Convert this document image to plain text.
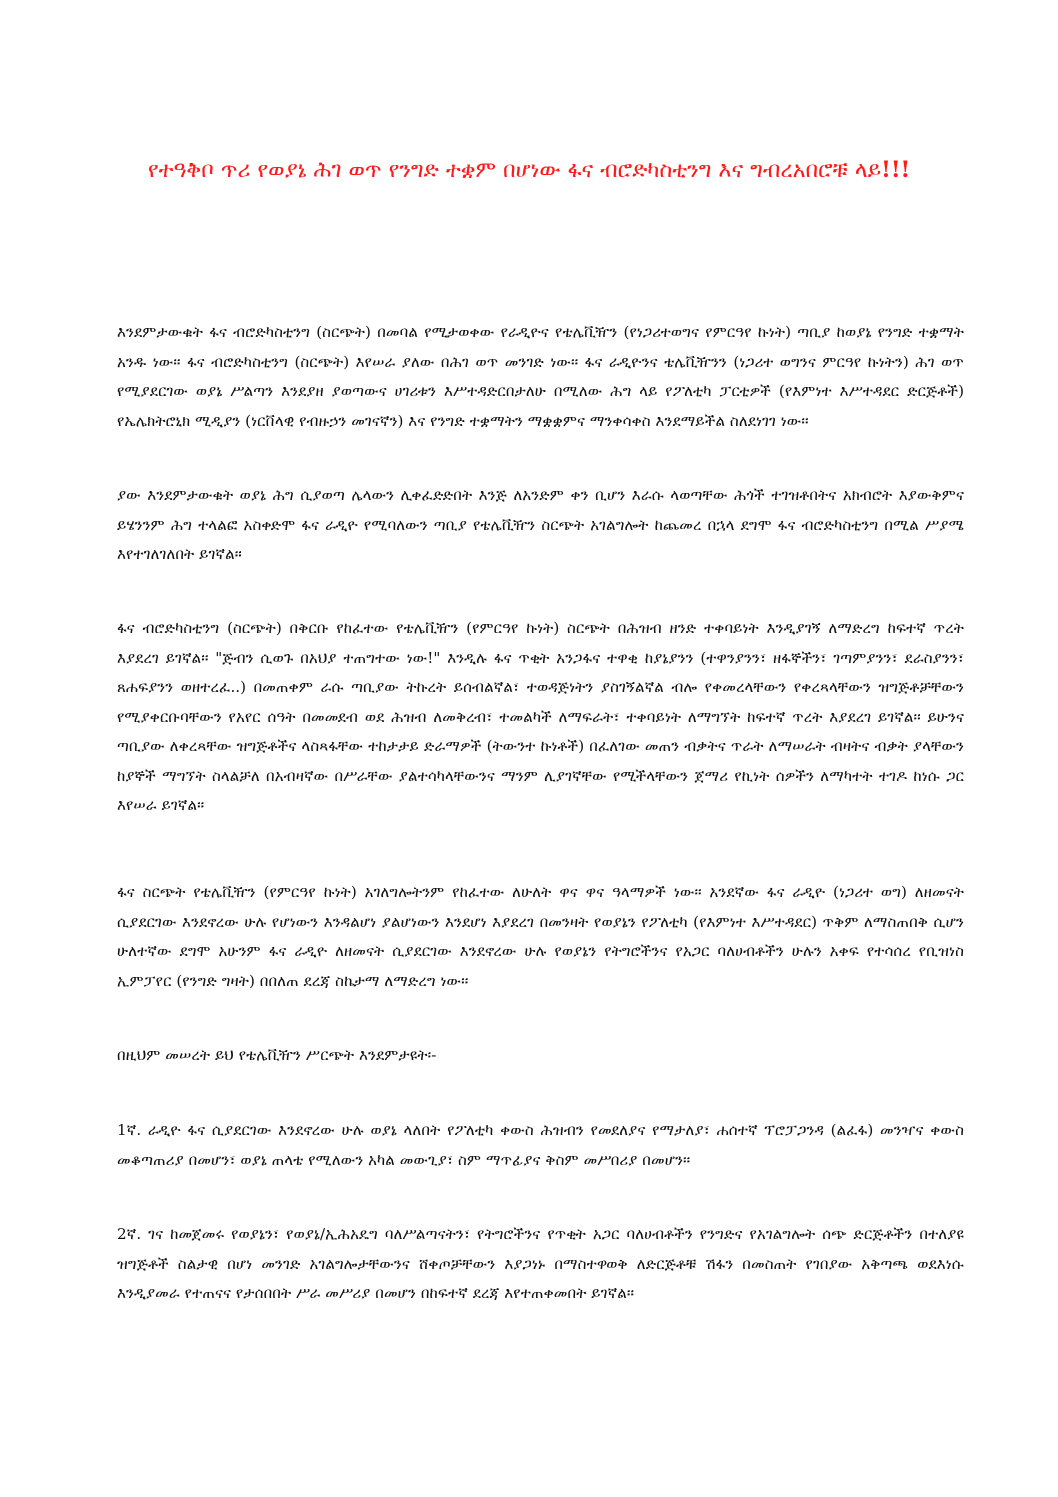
የተዓቅቦ ጥሪ የወያኔ ሕገ ወጥ የንግድ ተቋም በሆነው ፋና ብሮድካስቲንግ እና ግብረአበሮቹ ላይ!!!

እንደምታውቁት ፋና ብሮድካስቲንግ (ስርጭት) በመባል የሚታወቀው የራዲዮና የቴሌቪዥን (የነጋሪተወግና የምርዓየ ኩነት) ጣቢያ ከወያኔ የንግድ ተቋማት አንዱ ነው፡፡ ፋና ብሮድካስቲንግ (ስርጭት) እየሠራ ያለው በሕገ ወጥ መንገድ ነው፡፡ ፋና ራዲዮንና ቴሌቪዥንን (ነጋሪተ ወግንና ምርዓየ ኩነትን) ሕገ ወጥ የሚያደርገው ወያኔ ሥልጣን እንደያዘ ያወጣውና ሀገሪቱን እሥተዳድርበታለሁ በሚለው ሕግ ላይ የፖለቲካ ፓርቲዎች (የእምነተ እሥተዳደር ድርጅቶች) የኤሌክትሮኒክ ሚዲያን (ነርቨላዊ የብዙኃን መገናኛን) እና የንግድ ተቋማትን ማቋቋምና ማንቀሳቀስ እንደማይችል ስለደነገገ ነው፡፡

ያው እንደምታውቁት ወያኔ ሕግ ሲያወጣ ሌላውን ሊቀፈድድበት እንጅ ለአንድም ቀን ቢሆን እራሱ ላወጣቸው ሕጎች ተገዝቶበትና አክብሮት እያውቅምና ይሄንንም ሕግ ተላልፎ አስቀድሞ ፋና ራዲዮ የሚባለውን ጣቢያ የቴሌቪዥን ስርጭት አገልግሎት ከጨመረ በኋላ ደግሞ ፋና ብሮድካስቲንግ በሚል ሥያሜ እየተገለገለበት ይገኛል፡፡

ፋና ብሮድካስቲንግ (ስርጭት) በቅርቡ የከፈተው የቴሌቪዥን (የምርዓየ ኩነት) ስርጭት በሕዝብ ዘንድ ተቀባይነት እንዲያገኝ ለማድረግ ከፍተኛ ጥረት እያደረገ ይገኛል፡፡ "ጅብን ሲወጉ በአህያ ተጠግተው ነው!" እንዲሉ ፋና ጥቂት አንጋፋና ተዋቂ ከያኔያንን (ተዋንያንን፣ ዘፋኞችን፣ ገጣምያንን፣ ደራስያንን፣ ጸሐፍያንን ወዘተረፈ..) በመጠቀም ራሱ ጣቢያው ትኩረት ይሰብልኛል፣ ተወዳጅነትን ያስገኝልኛል ብሎ የቀመረላቸውን የቀረጻላቸውን ዝግጅቶቻቸውን የሚያቀርቡባቸውን የአየር ሰዓት በመመደብ ወደ ሕዝብ ለመቅረብ፣ ተመልካች ለማፍራት፣ ተቀባይነት ለማግኘት ከፍተኛ ጥረት እያደረገ ይገኛል፡፡ ይሁንና ጣቢያው ለቀረጻቸው ዝግጅቶችና ላስጻፋቸው ተከታታይ ድራማዎች (ትውንተ ኩነቶች) በፈለገው መጠን ብቃትና ጥራት ለማሠራት ብዛትና ብቃት ያላቸውን ከያኞች ማግኘት ስላልቻለ በአብዛኛው በሥራቸው ያልተሳካላቸውንና ማንም ሊያገኛቸው የሚችላቸውን ጀማሪ የኪነት ሰዎችን ለማካተት ተገዶ ከነሱ ጋር እየሠራ ይገኛል፡፡

ፋና ስርጭት የቴሌቪዥን (የምርዓየ ኩነት) አገለግሎትንም የከፈተው ለሁለት ዋና ዋና ዓላማዎች ነው፡፡ አንደኛው ፋና ራዲዮ (ነጋሪተ ወግ) ለዘመናት ሲያደርገው እንደኖረው ሁሉ የሆነውን እንዳልሆነ ያልሆነውን እንደሆነ እያደረገ በመንዛት የወያኔን የፖለቲካ (የእምነተ እሥተዳደር) ጥቅም ለማስጠበቅ ሲሆን ሁለተኛው ደግሞ አሁንም ፋና ራዲዮ ለዘመናት ሲያደርገው እንደኖረው ሁሉ የወያኔን የትግሮችንና የአጋር ባለሀብቶችን ሁሉን አቀፍ የተሳሰረ የቢዝነስ ኢምፓየር (የንግድ ግዛት) በበለጠ ደረጃ ስኬታማ ለማድረግ ነው፡፡

በዚህም መሠረት ይህ የቴሌቪዥን ሥርጭት እንደምታዩት፡-

1ኛ. ራዲዮ ፋና ሲያደርገው እንደኖረው ሁሉ ወያኔ ላለበት የፖለቲካ ቀውስ ሕዝብን የመደለያና የማታለያ፣ ሐሰተኛ ፕሮፓጋንዳ (ልፈፋ) መንዣና ቀውስ መቆጣጠሪያ በመሆን፣ ወያኔ ጠላቴ የሚለውን አካል መውጊያ፣ ስም ማጥፊያና ቅስም መሥበሪያ በመሆን፡፡

2ኛ. ገና ከመጀመሩ የወያኔን፣ የወያኔ/ኢሕአዴግ ባለሥልጣናትን፣ የትግሮችንና የጥቂት አጋር ባለሀብቶችን የንግድና የአገልግሎት ሰጭ ድርጅቶችን በተለያዩ ዝግጅቶች ስልታዊ በሆነ መንገድ አገልግሎታቸውንና ሸቀጦቻቸውን እያጋነኑ በማስተዋወቅ ለድርጅቶቹ ሽፋን በመስጠት የገበያው አቅጣጫ ወደእነሱ እንዲያመራ የተጠናና የታሰበበት ሥራ መሥሪያ በመሆን በከፍተኛ ደረጃ እየተጠቀመበት ይገኛል፡፡
